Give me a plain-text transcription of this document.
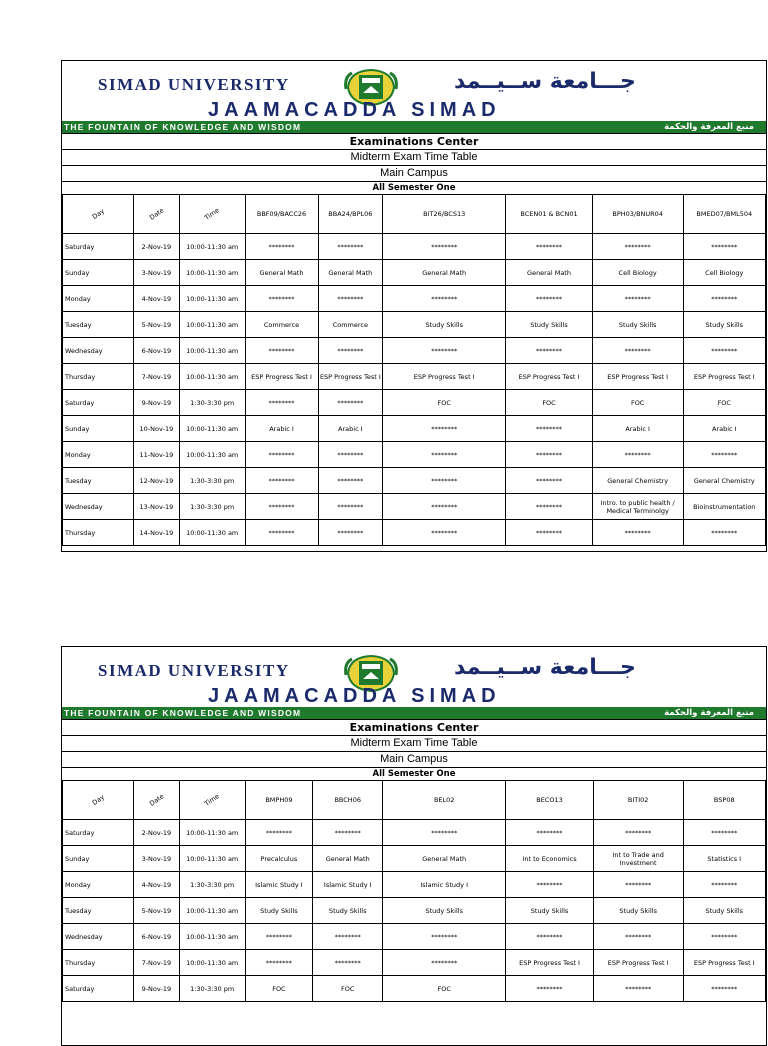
SIMAD UNIVERSITY	جـــامعة ســيــمد
JAAMACADDA SIMAD
THE FOUNTAIN OF KNOWLEDGE AND WISDOM	منبع المعرفة والحكمة
Examinations Center
Midterm Exam Time Table
Main Campus
All Semester One
Day	Date	Time	BBF09/BACC26	BBA24/BPL06	BIT26/BCS13	BCEN01 & BCN01	BPH03/BNUR04	BMED07/BML504
Saturday	2-Nov-19	10:00-11:30 am	********	********	********	********	********	********
Sunday	3-Nov-19	10:00-11:30 am	General Math	General Math	General Math	General Math	Cell Biology	Cell Biology
Monday	4-Nov-19	10:00-11:30 am	********	********	********	********	********	********
Tuesday	5-Nov-19	10:00-11:30 am	Commerce	Commerce	Study Skills	Study Skills	Study Skills	Study Skills
Wednesday	6-Nov-19	10:00-11:30 am	********	********	********	********	********	********
Thursday	7-Nov-19	10:00-11:30 am	ESP Progress Test I	ESP Progress Test I	ESP Progress Test I	ESP Progress Test I	ESP Progress Test I	ESP Progress Test I
Saturday	9-Nov-19	1:30-3:30 pm	********	********	FOC	FOC	FOC	FOC
Sunday	10-Nov-19	10:00-11:30 am	Arabic I	Arabic I	********	********	Arabic I	Arabic I
Monday	11-Nov-19	10:00-11:30 am	********	********	********	********	********	********
Tuesday	12-Nov-19	1:30-3:30 pm	********	********	********	********	General Chemistry	General Chemistry
Wednesday	13-Nov-19	1:30-3:30 pm	********	********	********	********	Intro. to public health / Medical Terminolgy	Bioinstrumentation
Thursday	14-Nov-19	10:00-11:30 am	********	********	********	********	********	********
SIMAD UNIVERSITY	جـــامعة ســيــمد
JAAMACADDA SIMAD
THE FOUNTAIN OF KNOWLEDGE AND WISDOM	منبع المعرفة والحكمة
Examinations Center
Midterm Exam Time Table
Main Campus
All Semester One
Day	Date	Time	BMPH09	BBCH06	BEL02	BECO13	BITI02	BSP08
Saturday	2-Nov-19	10:00-11:30 am	********	********	********	********	********	********
Sunday	3-Nov-19	10:00-11:30 am	Precalculus	General Math	General Math	Int to Economics	Int to Trade and Investment	Statistics I
Monday	4-Nov-19	1:30-3:30 pm	Islamic Study I	Islamic Study I	Islamic Study I	********	********	********
Tuesday	5-Nov-19	10:00-11:30 am	Study Skills	Study Skills	Study Skills	Study Skills	Study Skills	Study Skills
Wednesday	6-Nov-19	10:00-11:30 am	********	********	********	********	********	********
Thursday	7-Nov-19	10:00-11:30 am	********	********	********	ESP Progress Test I	ESP Progress Test I	ESP Progress Test I
Saturday	9-Nov-19	1:30-3:30 pm	FOC	FOC	FOC	********	********	********
